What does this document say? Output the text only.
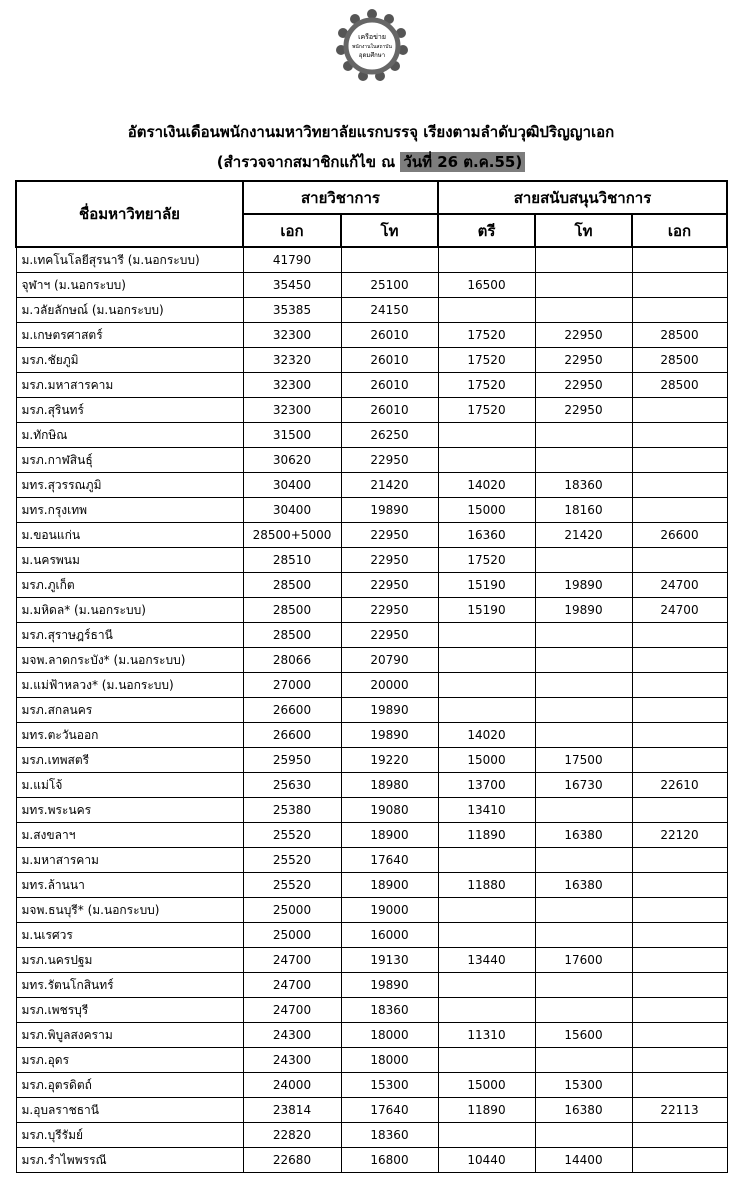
เครือข่าย
พนักงานในสถาบัน
อุดมศึกษา
อัตราเงินเดือนพนักงานมหาวิทยาลัยแรกบรรจุ เรียงตามลำดับวุฒิปริญญาเอก
(สำรวจจากสมาชิกแก้ไข ณ วันที่ 26 ต.ค.55)
ชื่อมหาวิทยาลัย	สายวิชาการ		สายสนับสนุนวิชาการ		
	เอก	โท	ตรี	โท	เอก
ม.เทคโนโลยีสุรนารี (ม.นอกระบบ)	41790				
จุฬาฯ (ม.นอกระบบ)	35450	25100	16500		
ม.วลัยลักษณ์ (ม.นอกระบบ)	35385	24150			
ม.เกษตรศาสตร์	32300	26010	17520	22950	28500
มรภ.ชัยภูมิ	32320	26010	17520	22950	28500
มรภ.มหาสารคาม	32300	26010	17520	22950	28500
มรภ.สุรินทร์	32300	26010	17520	22950	
ม.ทักษิณ	31500	26250			
มรภ.กาฬสินธุ์	30620	22950			
มทร.สุวรรณภูมิ	30400	21420	14020	18360	
มทร.กรุงเทพ	30400	19890	15000	18160	
ม.ขอนแก่น	28500+5000	22950	16360	21420	26600
ม.นครพนม	28510	22950	17520		
มรภ.ภูเก็ต	28500	22950	15190	19890	24700
ม.มหิดล* (ม.นอกระบบ)	28500	22950	15190	19890	24700
มรภ.สุราษฎร์ธานี	28500	22950			
มจพ.ลาดกระบัง* (ม.นอกระบบ)	28066	20790			
ม.แม่ฟ้าหลวง* (ม.นอกระบบ)	27000	20000			
มรภ.สกลนคร	26600	19890			
มทร.ตะวันออก	26600	19890	14020		
มรภ.เทพสตรี	25950	19220	15000	17500	
ม.แม่โจ้	25630	18980	13700	16730	22610
มทร.พระนคร	25380	19080	13410		
ม.สงขลาฯ	25520	18900	11890	16380	22120
ม.มหาสารคาม	25520	17640			
มทร.ล้านนา	25520	18900	11880	16380	
มจพ.ธนบุรี* (ม.นอกระบบ)	25000	19000			
ม.นเรศวร	25000	16000			
มรภ.นครปฐม	24700	19130	13440	17600	
มทร.รัตนโกสินทร์	24700	19890			
มรภ.เพชรบุรี	24700	18360			
มรภ.พิบูลสงคราม	24300	18000	11310	15600	
มรภ.อุดร	24300	18000			
มรภ.อุตรดิตถ์	24000	15300	15000	15300	
ม.อุบลราชธานี	23814	17640	11890	16380	22113
มรภ.บุรีรัมย์	22820	18360			
มรภ.รำไพพรรณี	22680	16800	10440	14400	
